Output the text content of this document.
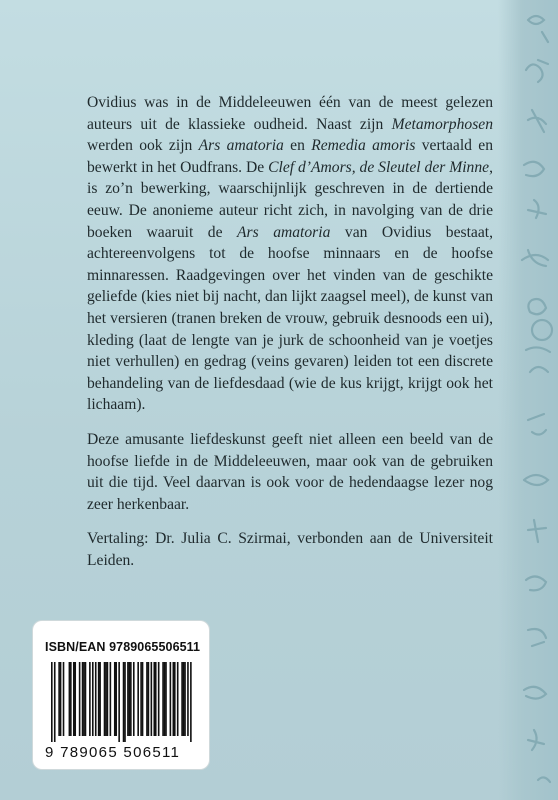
Ovidius was in de Middeleeuwen één van de meest gelezen auteurs uit de klassieke oudheid. Naast zijn Metamorphosen werden ook zijn Ars amatoria en Remedia amoris vertaald en bewerkt in het Oudfrans. De Clef d’Amors, de Sleutel der Minne, is zo’n bewerking, waarschijnlijk geschreven in de dertiende eeuw. De anonieme auteur richt zich, in navolging van de drie boeken waaruit de Ars amatoria van Ovidius bestaat, achtereenvolgens tot de hoofse minnaars en de hoofse minnaressen. Raadgevingen over het vinden van de geschikte geliefde (kies niet bij nacht, dan lijkt zaagsel meel), de kunst van het versieren (tranen breken de vrouw, gebruik desnoods een ui), kleding (laat de lengte van je jurk de schoonheid van je voetjes niet verhullen) en gedrag (veins gevaren) leiden tot een discrete behandeling van de liefdesdaad (wie de kus krijgt, krijgt ook het lichaam).

Deze amusante liefdeskunst geeft niet alleen een beeld van de hoofse liefde in de Middeleeuwen, maar ook van de gebruiken uit die tijd. Veel daarvan is ook voor de hedendaagse lezer nog zeer herkenbaar.

Vertaling: Dr. Julia C. Szirmai, verbonden aan de Universiteit Leiden.

ISBN/EAN 9789065506511
9 789065 506511
